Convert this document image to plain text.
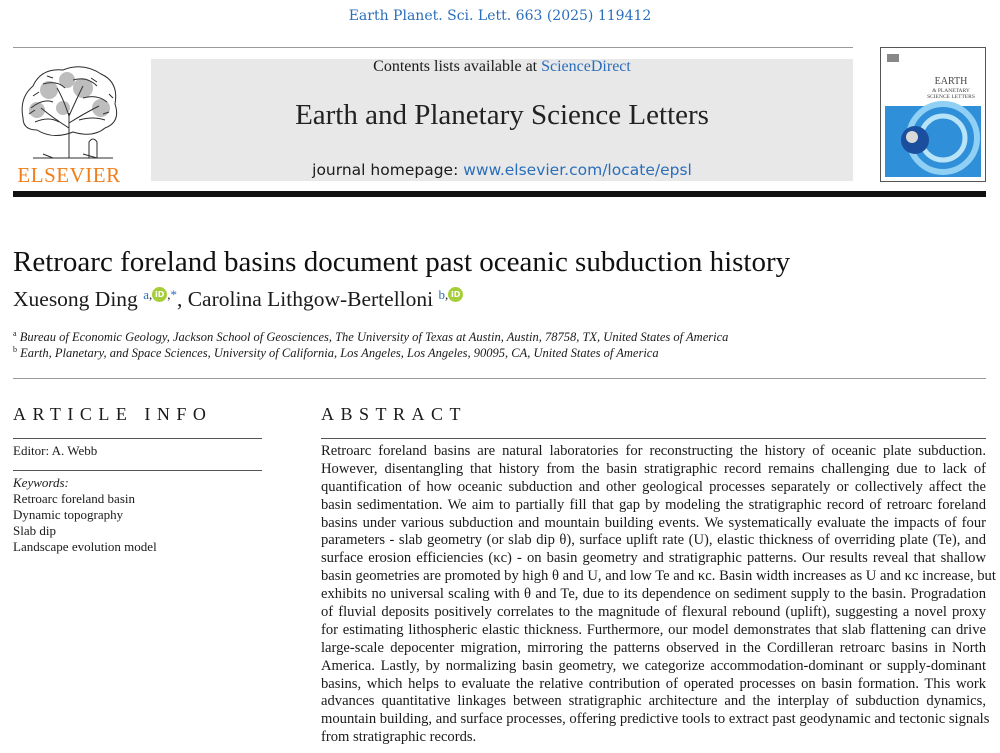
Earth Planet. Sci. Lett. 663 (2025) 119412
ELSEVIER
Contents lists available at ScienceDirect
Earth and Planetary Science Letters
journal homepage: www.elsevier.com/locate/epsl
EARTH
& PLANETARY
SCIENCE LETTERS
Retroarc foreland basins document past oceanic subduction history
Xuesong Ding $^{a,}$ iD ,*, Carolina Lithgow-Bertelloni $^{b,}$ iD
$^a$ Bureau of Economic Geology, Jackson School of Geosciences, The University of Texas at Austin, Austin, 78758, TX, United States of America
$^b$ Earth, Planetary, and Space Sciences, University of California, Los Angeles, Los Angeles, 90095, CA, United States of America
ARTICLE INFO
Editor: A. Webb
Keywords:
Retroarc foreland basin
Dynamic topography
Slab dip
Landscape evolution model
ABSTRACT
Retroarc foreland basins are natural laboratories for reconstructing the history of oceanic plate subduction.
However, disentangling that history from the basin stratigraphic record remains challenging due to lack of
quantification of how oceanic subduction and other geological processes separately or collectively affect the
basin sedimentation. We aim to partially fill that gap by modeling the stratigraphic record of retroarc foreland
basins under various subduction and mountain building events. We systematically evaluate the impacts of four
parameters - slab geometry (or slab dip θ), surface uplift rate (U), elastic thickness of overriding plate (Te), and
surface erosion efficiencies (κc) - on basin geometry and stratigraphic patterns. Our results reveal that shallow
basin geometries are promoted by high θ and U, and low Te and κc. Basin width increases as U and κc increase, but
exhibits no universal scaling with θ and Te, due to its dependence on sediment supply to the basin. Progradation
of fluvial deposits positively correlates to the magnitude of flexural rebound (uplift), suggesting a novel proxy
for estimating lithospheric elastic thickness. Furthermore, our model demonstrates that slab flattening can drive
large-scale depocenter migration, mirroring the patterns observed in the Cordilleran retroarc basins in North
America. Lastly, by normalizing basin geometry, we categorize accommodation-dominant or supply-dominant
basins, which helps to evaluate the relative contribution of operated processes on basin formation. This work
advances quantitative linkages between stratigraphic architecture and the interplay of subduction dynamics,
mountain building, and surface processes, offering predictive tools to extract past geodynamic and tectonic signals
from stratigraphic records.
